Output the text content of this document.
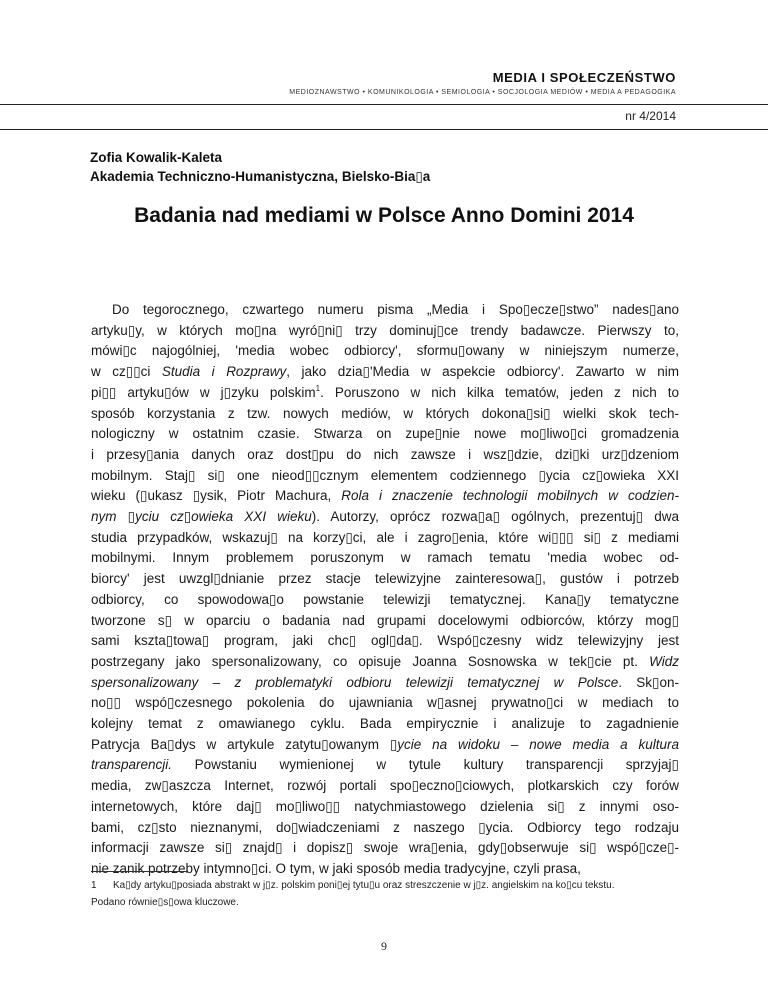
MEDIA I SPOŁECZEŃSTWO
MEDIOZNAWSTWO • KOMUNIKOLOGIA • SEMIOLOGIA • SOCJOLOGIA MEDIÓW • MEDIA A PEDAGOGIKA
nr 4/2014
Zofia Kowalik-Kaleta
Akademia Techniczno-Humanistyczna, Bielsko-Bia▯a
Badania nad mediami w Polsce Anno Domini 2014
Do tegorocznego, czwartego numeru pisma „Media i Spo▯ecze▯stwo” nades▯ano
artyku▯y, w których mo▯na wyró▯ni▯ trzy dominuj▯ce trendy badawcze. Pierwszy to,
mówi▯c najogólniej, 'media wobec odbiorcy', sformu▯owany w niniejszym numerze,
w cz▯▯ci Studia i Rozprawy, jako dzia▯'Media w aspekcie odbiorcy'. Zawarto w nim
pi▯▯ artyku▯ów w j▯zyku polskim$^1$. Poruszono w nich kilka tematów, jeden z nich to
sposób korzystania z tzw. nowych mediów, w których dokona▯si▯ wielki skok tech-
nologiczny w ostatnim czasie. Stwarza on zupe▯nie nowe mo▯liwo▯ci gromadzenia
i przesy▯ania danych oraz dost▯pu do nich zawsze i wsz▯dzie, dzi▯ki urz▯dzeniom
mobilnym. Staj▯ si▯ one nieod▯▯cznym elementem codziennego ▯ycia cz▯owieka XXI
wieku (▯ukasz ▯ysik, Piotr Machura, Rola i znaczenie technologii mobilnych w codzien-
nym ▯yciu cz▯owieka XXI wieku). Autorzy, oprócz rozwa▯a▯ ogólnych, prezentuj▯ dwa
studia przypadków, wskazuj▯ na korzy▯ci, ale i zagro▯enia, które wi▯▯▯ si▯ z mediami
mobilnymi. Innym problemem poruszonym w ramach tematu 'media wobec od-
biorcy' jest uwzgl▯dnianie przez stacje telewizyjne zainteresowa▯, gustów i potrzeb
odbiorcy, co spowodowa▯o powstanie telewizji tematycznej. Kana▯y tematyczne
tworzone s▯ w oparciu o badania nad grupami docelowymi odbiorców, którzy mog▯
sami kszta▯towa▯ program, jaki chc▯ ogl▯da▯. Wspó▯czesny widz telewizyjny jest
postrzegany jako spersonalizowany, co opisuje Joanna Sosnowska w tek▯cie pt. Widz
spersonalizowany – z problematyki odbioru telewizji tematycznej w Polsce. Sk▯on-
no▯▯ wspó▯czesnego pokolenia do ujawniania w▯asnej prywatno▯ci w mediach to
kolejny temat z omawianego cyklu. Bada empirycznie i analizuje to zagadnienie
Patrycja Ba▯dys w artykule zatytu▯owanym ▯ycie na widoku – nowe media a kultura
transparencji. Powstaniu wymienionej w tytule kultury transparencji sprzyjaj▯
media, zw▯aszcza Internet, rozwój portali spo▯eczno▯ciowych, plotkarskich czy forów
internetowych, które daj▯ mo▯liwo▯▯ natychmiastowego dzielenia si▯ z innymi oso-
bami, cz▯sto nieznanymi, do▯wiadczeniami z naszego ▯ycia. Odbiorcy tego rodzaju
informacji zawsze si▯ znajd▯ i dopisz▯ swoje wra▯enia, gdy▯obserwuje si▯ wspó▯cze▯-
nie zanik potrzeby intymno▯ci. O tym, w jaki sposób media tradycyjne, czyli prasa,
1 Ka▯dy artyku▯posiada abstrakt w j▯z. polskim poni▯ej tytu▯u oraz streszczenie w j▯z. angielskim na ko▯cu tekstu.
Podano równie▯s▯owa kluczowe.
9
